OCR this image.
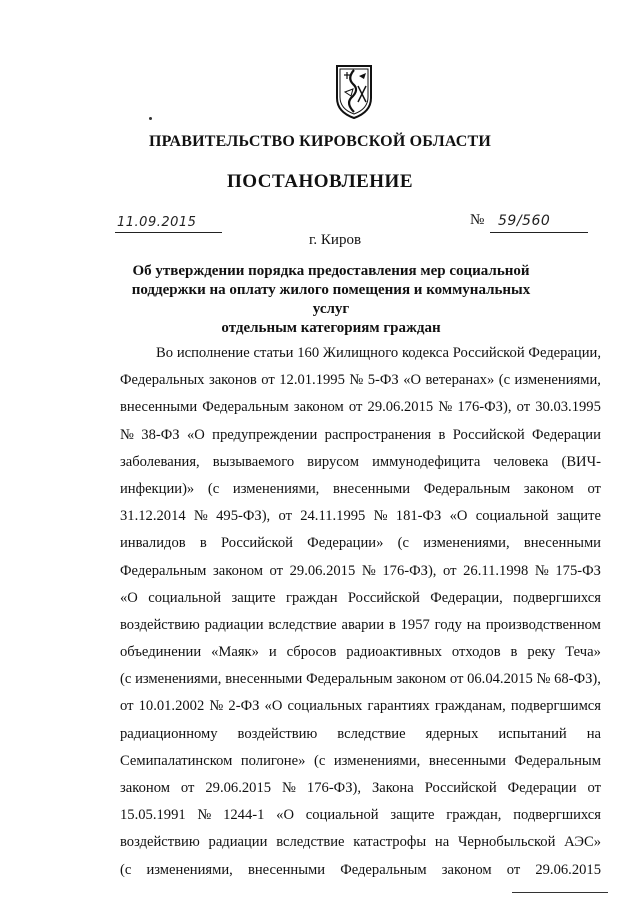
ПРАВИТЕЛЬСТВО КИРОВСКОЙ ОБЛАСТИ
ПОСТАНОВЛЕНИЕ
11.09.2015	№ 59/560
г. Киров
Об утверждении порядка предоставления мер социальной
поддержки на оплату жилого помещения и коммунальных услуг
отдельным категориям граждан
Во исполнение статьи 160 Жилищного кодекса Российской Федерации,
Федеральных законов от 12.01.1995 № 5-ФЗ «О ветеранах» (с изменениями,
внесенными Федеральным законом от 29.06.2015 № 176-ФЗ), от 30.03.1995
№ 38-ФЗ «О предупреждении распространения в Российской Федерации
заболевания, вызываемого вирусом иммунодефицита человека (ВИЧ-
инфекции)» (с изменениями, внесенными Федеральным законом от
31.12.2014 № 495-ФЗ), от 24.11.1995 № 181-ФЗ «О социальной защите
инвалидов в Российской Федерации» (с изменениями, внесенными
Федеральным законом от 29.06.2015 № 176-ФЗ), от 26.11.1998 № 175-ФЗ
«О социальной защите граждан Российской Федерации, подвергшихся
воздействию радиации вследствие аварии в 1957 году на производственном
объединении «Маяк» и сбросов радиоактивных отходов в реку Теча»
(с изменениями, внесенными Федеральным законом от 06.04.2015 № 68-ФЗ),
от 10.01.2002 № 2-ФЗ «О социальных гарантиях гражданам, подвергшимся
радиационному воздействию вследствие ядерных испытаний на
Семипалатинском полигоне» (с изменениями, внесенными Федеральным
законом от 29.06.2015 № 176-ФЗ), Закона Российской Федерации от
15.05.1991 № 1244-1 «О социальной защите граждан, подвергшихся
воздействию радиации вследствие катастрофы на Чернобыльской АЭС»
(с изменениями, внесенными Федеральным законом от 29.06.2015
